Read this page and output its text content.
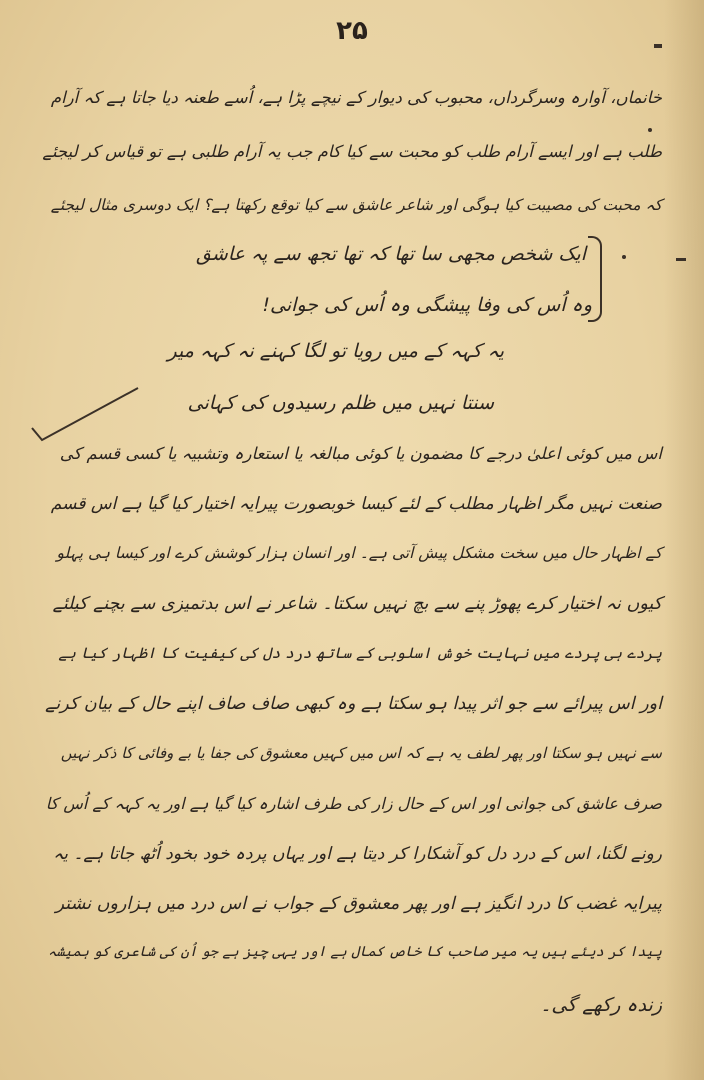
۲۵
خانماں، آوارہ وسرگرداں، محبوب کی دیوار کے نیچے پڑا ہے، اُسے طعنہ دیا جاتا ہے کہ آرام
طلب ہے اور ایسے آرام طلب کو محبت سے کیا کام جب یہ آرام طلبی ہے تو قیاس کر لیجئے
کہ محبت کی مصیبت کیا ہوگی اور شاعر عاشق سے کیا توقع رکھتا ہے؟ ایک دوسری مثال لیجئے
ایک شخص مجھی سا تھا کہ تھا تجھ سے پہ عاشق
وہ اُس کی وفا پیشگی وہ اُس کی جوانی!
یہ کہہ کے میں رویا تو لگا کہنے نہ کہہ میر
سنتا نہیں میں ظلم رسیدوں کی کہانی
اس میں کوئی اعلیٰ درجے کا مضمون یا کوئی مبالغہ یا استعارہ وتشبیہ یا کسی قسم کی
صنعت نہیں مگر اظہار مطلب کے لئے کیسا خوبصورت پیرایہ اختیار کیا گیا ہے اس قسم
کے اظہار حال میں سخت مشکل پیش آتی ہے۔ اور انسان ہزار کوشش کرے اور کیسا ہی پہلو
کیوں نہ اختیار کرے پھوڑ پنے سے بچ نہیں سکتا۔ شاعر نے اس بدتمیزی سے بچنے کیلئے
پردے ہی پردے میں نہایت خوش اسلوبی کے ساتھ درد دل کی کیفیت کا اظہار کیا ہے
اور اس پیرائے سے جو اثر پیدا ہو سکتا ہے وہ کبھی صاف صاف اپنے حال کے بیان کرنے
سے نہیں ہو سکتا اور پھر لطف یہ ہے کہ اس میں کہیں معشوق کی جفا یا بے وفائی کا ذکر نہیں
صرف عاشق کی جوانی اور اس کے حال زار کی طرف اشارہ کیا گیا ہے اور یہ کہہ کے اُس کا
رونے لگنا، اس کے درد دل کو آشکارا کر دیتا ہے اور یہاں پردہ خود بخود اُٹھ جاتا ہے۔ یہ
پیرایہ غضب کا درد انگیز ہے اور پھر معشوق کے جواب نے اس درد میں ہزاروں نشتر
پیدا کر دیئے ہیں یہ میر صاحب کا خاص کمال ہے اور یہی چیز ہے جو اُن کی شاعری کو ہمیشہ
زندہ رکھے گی۔
